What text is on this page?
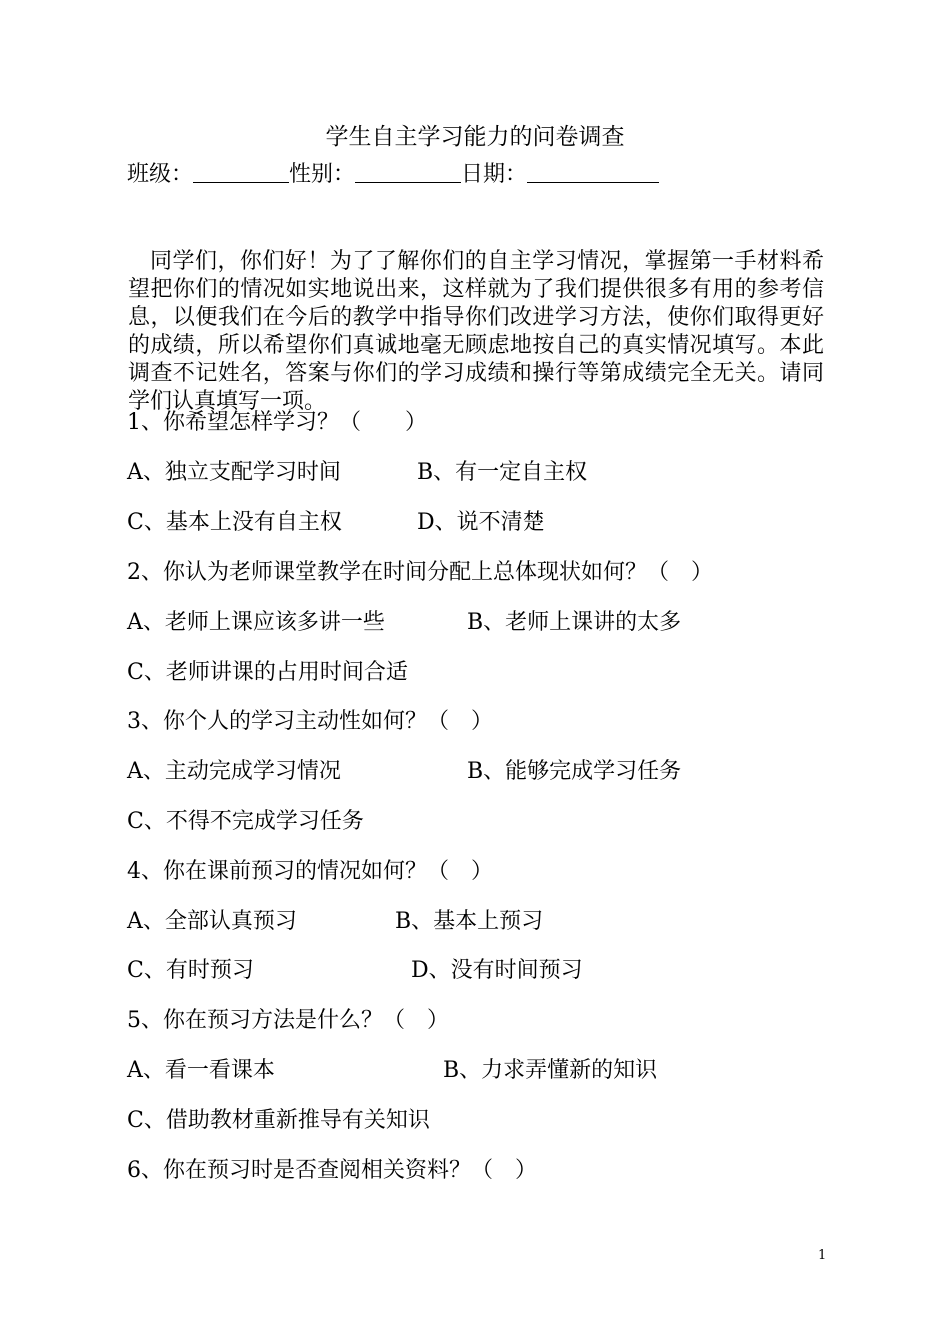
学生自主学习能力的问卷调查
班级：	性别：	日期：

同学们，你们好！为了了解你们的自主学习情况，掌握第一手材料希望把你们的情况如实地说出来，这样就为了我们提供很多有用的参考信息，以便我们在今后的教学中指导你们改进学习方法，使你们取得更好的成绩，所以希望你们真诚地毫无顾虑地按自己的真实情况填写。本此调查不记姓名，答案与你们的学习成绩和操行等第成绩完全无关。请同学们认真填写一项。

1、你希望怎样学习？（　　）
A、独立支配学习时间	B、有一定自主权
C、基本上没有自主权	D、说不清楚
2、你认为老师课堂教学在时间分配上总体现状如何？（　）
A、老师上课应该多讲一些	B、老师上课讲的太多
C、老师讲课的占用时间合适
3、你个人的学习主动性如何？（　）
A、主动完成学习情况	B、能够完成学习任务
C、不得不完成学习任务
4、你在课前预习的情况如何？（　）
A、全部认真预习	B、基本上预习
C、有时预习	D、没有时间预习
5、你在预习方法是什么？（　）
A、看一看课本	B、力求弄懂新的知识
C、借助教材重新推导有关知识
6、你在预习时是否查阅相关资料？（　）
1
